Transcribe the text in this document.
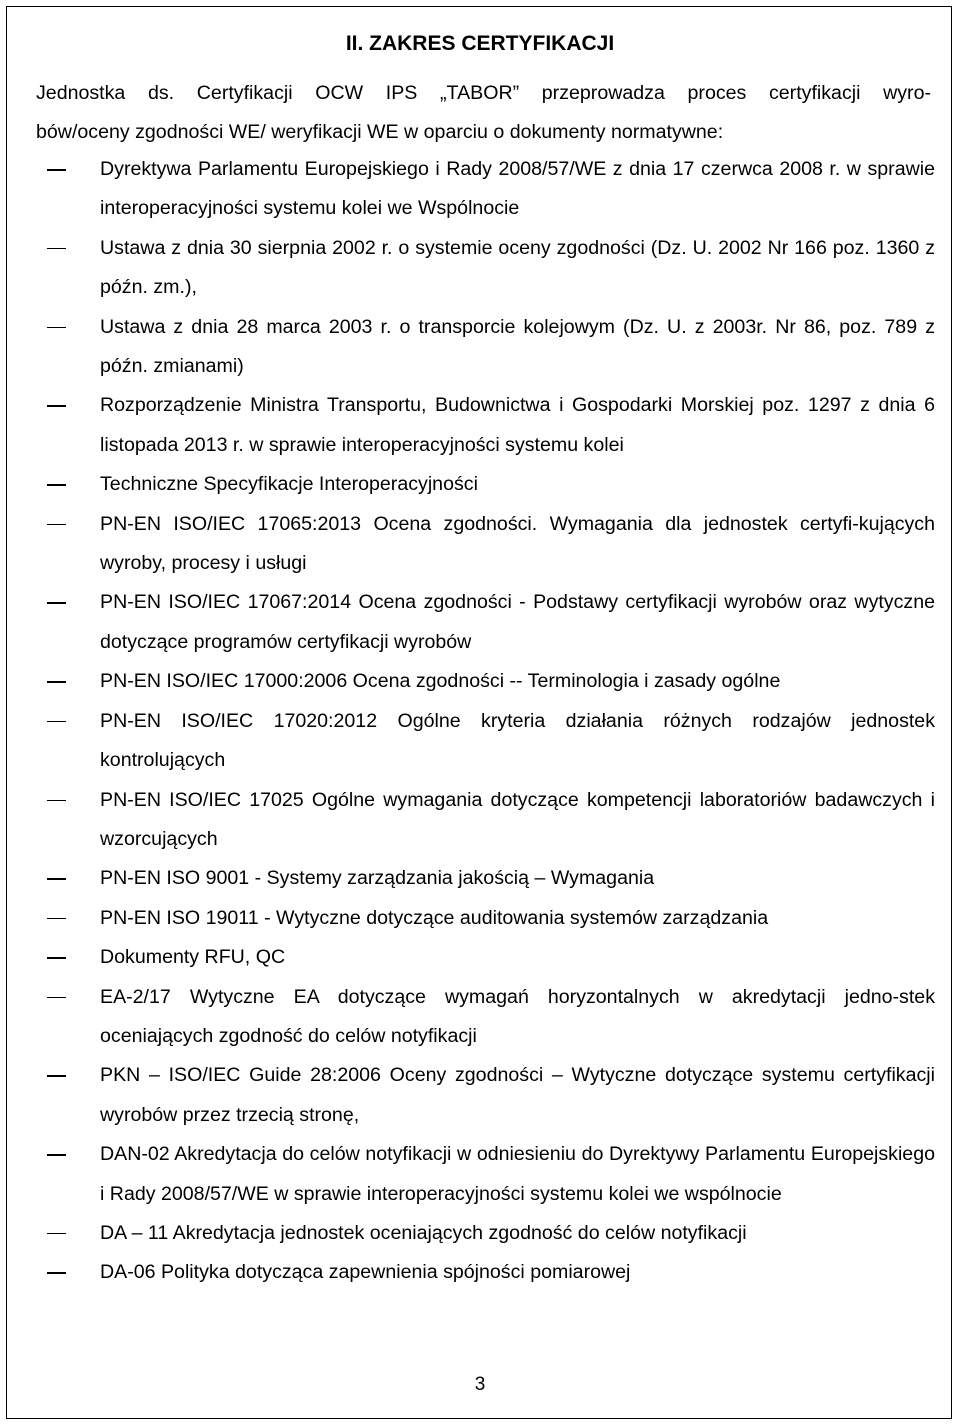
II. ZAKRES CERTYFIKACJI
Jednostka ds. Certyfikacji OCW IPS „TABOR” przeprowadza proces certyfikacji wyro-
bów/oceny zgodności WE/ weryfikacji WE w oparciu o dokumenty normatywne:
Dyrektywa Parlamentu Europejskiego i Rady 2008/57/WE z dnia 17 czerwca 2008 r. w sprawie interoperacyjności systemu kolei we Wspólnocie
Ustawa z dnia 30 sierpnia 2002 r. o systemie oceny zgodności (Dz. U. 2002 Nr 166 poz. 1360 z późn. zm.),
Ustawa z dnia 28 marca 2003 r. o transporcie kolejowym (Dz. U. z 2003r. Nr 86, poz. 789 z późn. zmianami)
Rozporządzenie Ministra Transportu, Budownictwa i Gospodarki Morskiej poz. 1297 z dnia 6 listopada 2013 r. w sprawie interoperacyjności systemu kolei
Techniczne Specyfikacje Interoperacyjności
PN-EN ISO/IEC 17065:2013 Ocena zgodności. Wymagania dla jednostek certyfi-kujących wyroby, procesy i usługi
PN-EN ISO/IEC 17067:2014 Ocena zgodności - Podstawy certyfikacji wyrobów oraz wytyczne dotyczące programów certyfikacji wyrobów
PN-EN ISO/IEC 17000:2006 Ocena zgodności -- Terminologia i zasady ogólne
PN-EN ISO/IEC 17020:2012 Ogólne kryteria działania różnych rodzajów jednostek kontrolujących
PN-EN ISO/IEC 17025 Ogólne wymagania dotyczące kompetencji laboratoriów badawczych i wzorcujących
PN-EN ISO 9001 - Systemy zarządzania jakością – Wymagania
PN-EN ISO 19011 - Wytyczne dotyczące auditowania systemów zarządzania
Dokumenty RFU, QC
EA-2/17 Wytyczne EA dotyczące wymagań horyzontalnych w akredytacji jedno-stek oceniających zgodność do celów notyfikacji
PKN – ISO/IEC Guide 28:2006 Oceny zgodności – Wytyczne dotyczące systemu certyfikacji wyrobów przez trzecią stronę,
DAN-02 Akredytacja do celów notyfikacji w odniesieniu do Dyrektywy Parlamentu Europejskiego i Rady 2008/57/WE w sprawie interoperacyjności systemu kolei we wspólnocie
DA – 11 Akredytacja jednostek oceniających zgodność do celów notyfikacji
DA-06 Polityka dotycząca zapewnienia spójności pomiarowej
3
